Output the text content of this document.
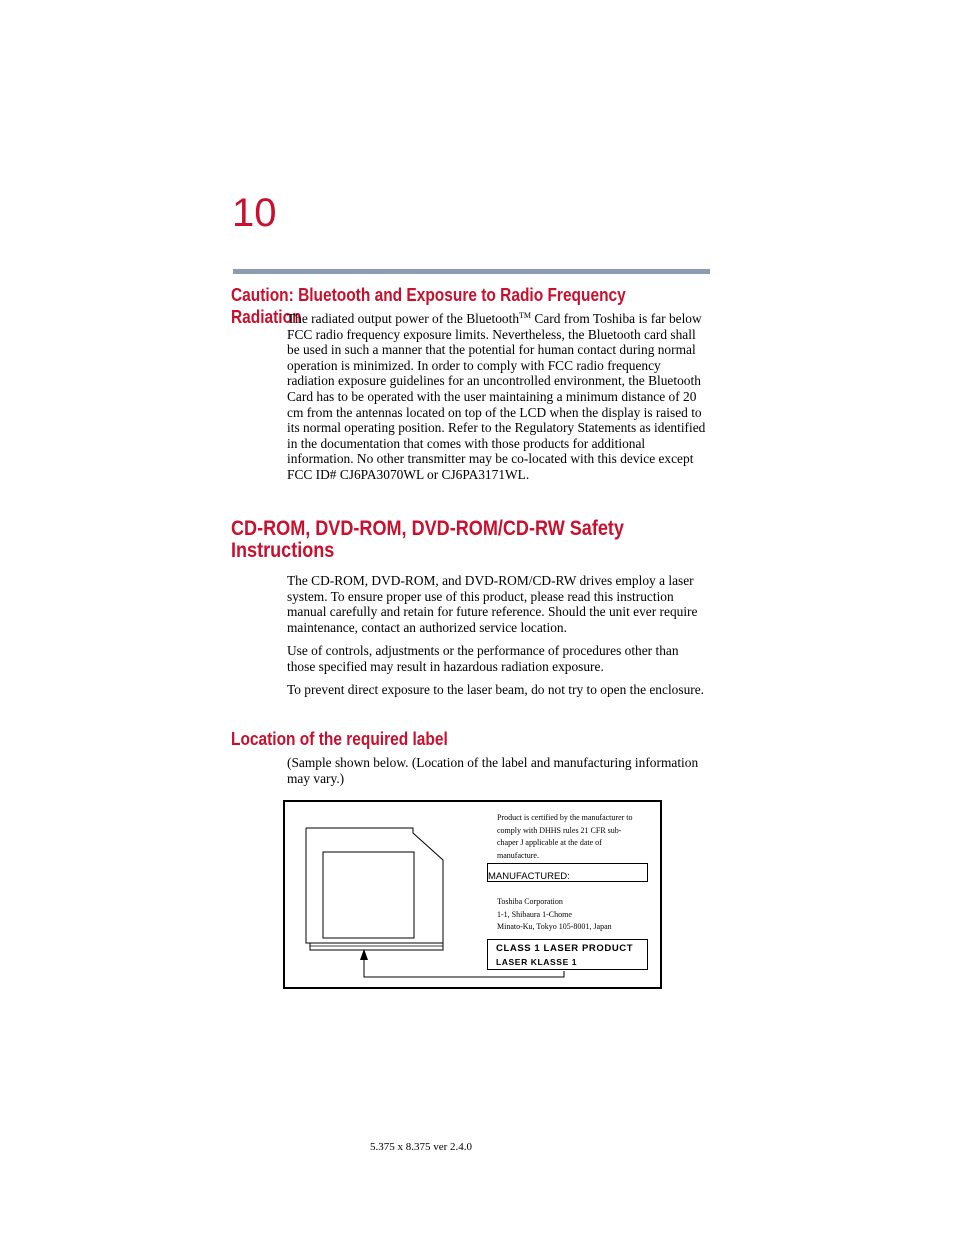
10
Caution: Bluetooth and Exposure to Radio Frequency Radiation

The radiated output power of the Bluetooth™ Card from Toshiba is far below FCC radio frequency exposure limits. Nevertheless, the Bluetooth card shall be used in such a manner that the potential for human contact during normal operation is minimized. In order to comply with FCC radio frequency radiation exposure guidelines for an uncontrolled environment, the Bluetooth Card has to be operated with the user maintaining a minimum distance of 20 cm from the antennas located on top of the LCD when the display is raised to its normal operating position. Refer to the Regulatory Statements as identified in the documentation that comes with those products for additional information. No other transmitter may be co-located with this device except FCC ID# CJ6PA3070WL or CJ6PA3171WL.

CD-ROM, DVD-ROM, DVD-ROM/CD-RW Safety Instructions

The CD-ROM, DVD-ROM, and DVD-ROM/CD-RW drives employ a laser system. To ensure proper use of this product, please read this instruction manual carefully and retain for future reference. Should the unit ever require maintenance, contact an authorized service location.

Use of controls, adjustments or the performance of procedures other than those specified may result in hazardous radiation exposure.

To prevent direct exposure to the laser beam, do not try to open the enclosure.

Location of the required label

(Sample shown below. (Location of the label and manufacturing information may vary.)

Product is certified by the manufacturer to
comply with DHHS rules 21 CFR sub-
chaper J applicable at the date of
manufacture.
MANUFACTURED:
Toshiba Corporation
1-1, Shibaura 1-Chome
Minato-Ku, Tokyo 105-8001, Japan
CLASS 1 LASER PRODUCT
LASER KLASSE 1
5.375 x 8.375 ver 2.4.0
